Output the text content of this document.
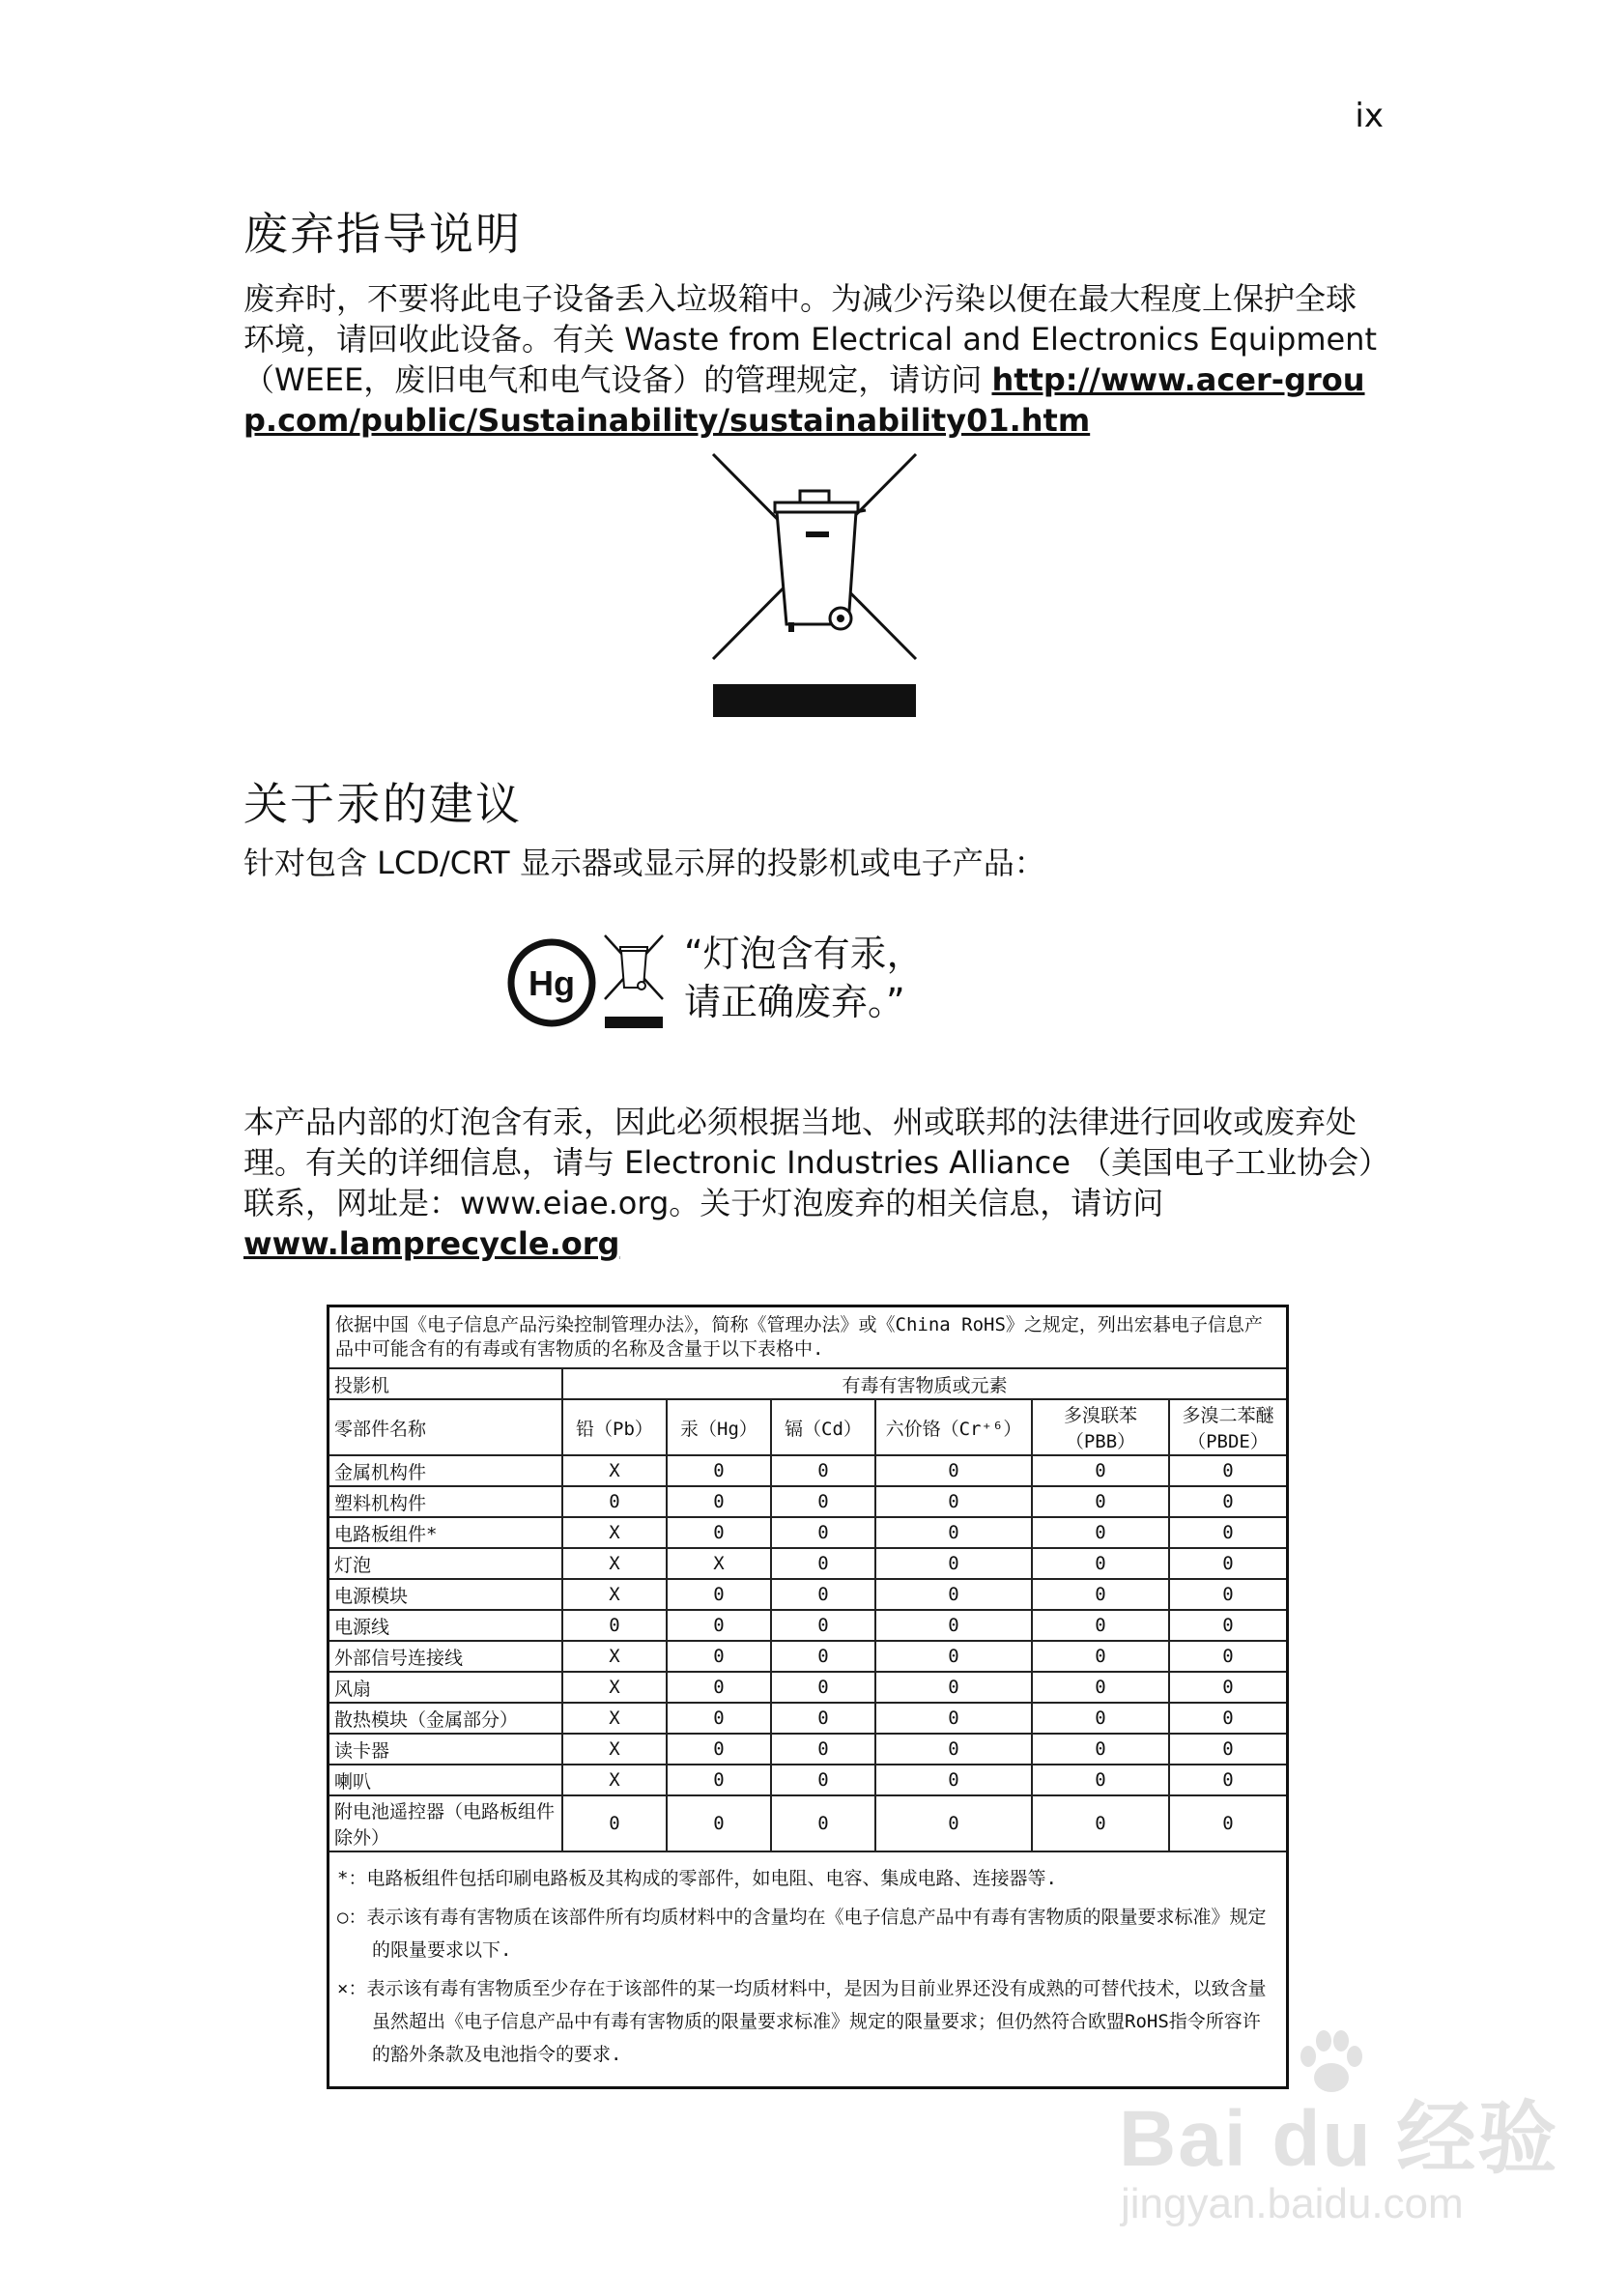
ix
废弃指导说明
废弃时，不要将此电子设备丢入垃圾箱中。为减少污染以便在最大程度上保护全球环境，请回收此设备。有关 Waste from Electrical and Electronics Equipment（WEEE，废旧电气和电气设备）的管理规定，请访问 http://www.acer-group.com/public/Sustainability/sustainability01.htm
关于汞的建议
针对包含 LCD/CRT 显示器或显示屏的投影机或电子产品：
Hg
“灯泡含有汞，
请正确废弃。”
本产品内部的灯泡含有汞，因此必须根据当地、州或联邦的法律进行回收或废弃处理。有关的详细信息，请与 Electronic Industries Alliance （美国电子工业协会）联系，网址是：www.eiae.org。关于灯泡废弃的相关信息，请访问 www.lamprecycle.org
依据中国《电子信息产品污染控制管理办法》，简称《管理办法》或《China RoHS》之规定，列出宏碁电子信息产品中可能含有的有毒或有害物质的名称及含量于以下表格中.						
投影机	有毒有害物质或元素					
零部件名称	铅（Pb）	汞（Hg）	镉（Cd）	六价铬（Cr⁺⁶）	多溴联苯（PBB）	多溴二苯醚（PBDE）
金属机构件	X	0	0	0	0	0
塑料机构件	0	0	0	0	0	0
电路板组件*	X	0	0	0	0	0
灯泡	X	X	0	0	0	0
电源模块	X	0	0	0	0	0
电源线	0	0	0	0	0	0
外部信号连接线	X	0	0	0	0	0
风扇	X	0	0	0	0	0
散热模块（金属部分）	X	0	0	0	0	0
读卡器	X	0	0	0	0	0
喇叭	X	0	0	0	0	0
附电池遥控器（电路板组件除外）	0	0	0	0	0	0

*：电路板组件包括印刷电路板及其构成的零部件，如电阻、电容、集成电路、连接器等.
○：表示该有毒有害物质在该部件所有均质材料中的含量均在《电子信息产品中有毒有害物质的限量要求标准》规定的限量要求以下.
×：表示该有毒有害物质至少存在于该部件的某一均质材料中，是因为目前业界还没有成熟的可替代技术，以致含量虽然超出《电子信息产品中有毒有害物质的限量要求标准》规定的限量要求；但仍然符合欧盟RoHS指令所容许的豁外条款及电池指令的要求.						
Bai du 经验
jingyan.baidu.com
